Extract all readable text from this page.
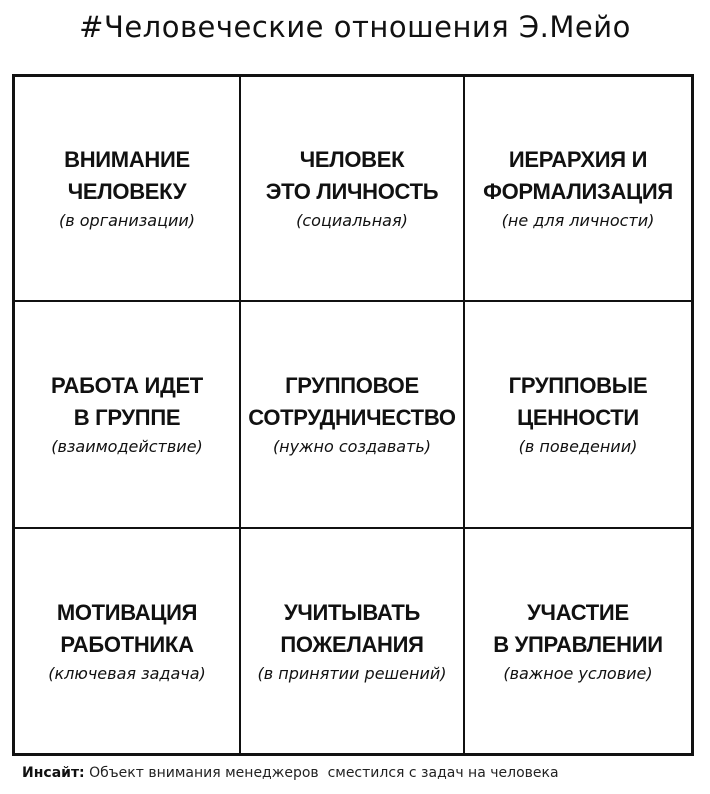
#Человеческие отношения Э.Мейо
ВНИМАНИЕ
ЧЕЛОВЕКУ
(в организации)
ЧЕЛОВЕК
ЭТО ЛИЧНОСТЬ
(социальная)
ИЕРАРХИЯ И
ФОРМАЛИЗАЦИЯ
(не для личности)
РАБОТА ИДЕТ
В ГРУППЕ
(взаимодействие)
ГРУППОВОЕ
СОТРУДНИЧЕСТВО
(нужно создавать)
ГРУППОВЫЕ
ЦЕННОСТИ
(в поведении)
МОТИВАЦИЯ
РАБОТНИКА
(ключевая задача)
УЧИТЫВАТЬ
ПОЖЕЛАНИЯ
(в принятии решений)
УЧАСТИЕ
В УПРАВЛЕНИИ
(важное условие)
Инсайт: Объект внимания менеджеров  сместился с задач на человека
